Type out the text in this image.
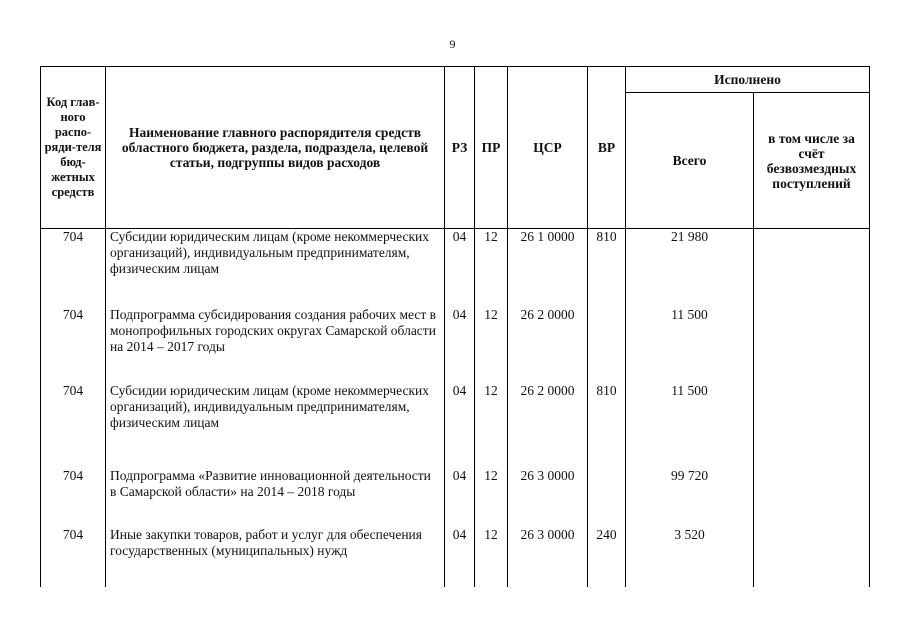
9
Код глав-ного распо-ряди-теля бюд-жетных средств	Наименование главного распорядителя средств областного бюджета, раздела, подраздела, целевой статьи, подгруппы видов расходов	РЗ	ПР	ЦСР	ВР	Исполнено	
						Всего	в том числе за счёт безвозмездных поступлений
704	Субсидии юридическим лицам (кроме некоммерческих организаций), индивидуальным предпринимателям, физическим лицам	04	12	26 1 0000	810	21 980	
704	Подпрограмма субсидирования создания рабочих мест в монопрофильных городских округах Самарской области на 2014 – 2017 годы	04	12	26 2 0000		11 500	
704	Субсидии юридическим лицам (кроме некоммерческих организаций), индивидуальным предпринимателям, физическим лицам	04	12	26 2 0000	810	11 500	
704	Подпрограмма «Развитие инновационной деятельности в Самарской области» на 2014 – 2018 годы	04	12	26 3 0000		99 720	
704	Иные закупки товаров, работ и услуг для обеспечения государственных (муниципальных) нужд	04	12	26 3 0000	240	3 520	
